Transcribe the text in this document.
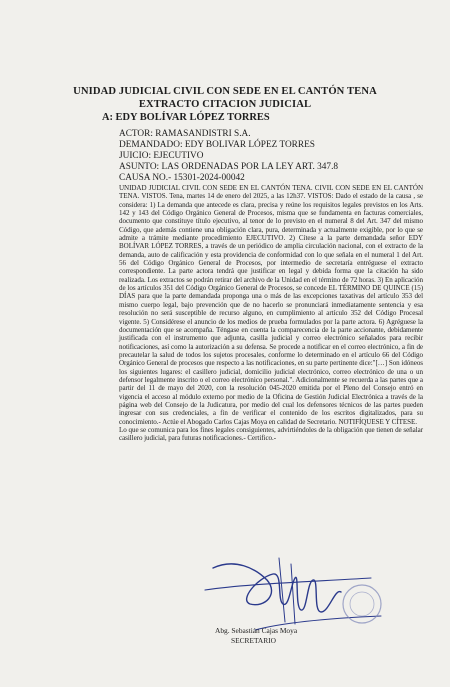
UNIDAD JUDICIAL CIVIL CON SEDE EN EL CANTÓN TENA
EXTRACTO CITACION JUDICIAL
A: EDY BOLÍVAR LÓPEZ TORRES
ACTOR: RAMASANDISTRI S.A.
DEMANDADO: EDY BOLIVAR LÓPEZ TORRES
JUICIO: EJECUTIVO
ASUNTO: LAS ORDENADAS POR LA LEY ART. 347.8
CAUSA NO.- 15301-2024-00042

UNIDAD JUDICIAL CIVIL CON SEDE EN EL CANTÓN TENA. CIVIL CON SEDE EN EL CANTÓN TENA. VISTOS. Tena, martes 14 de enero del 2025, a las 12h37. VISTOS: Dado el estado de la causa , se considera: 1) La demanda que antecede es clara, precisa y reúne los requisitos legales previstos en los Arts. 142 y 143 del Código Orgánico General de Procesos, misma que se fundamenta en facturas comerciales, documento que constituye título ejecutivo, al tenor de lo previsto en el numeral 8 del Art. 347 del mismo Código, que además contiene una obligación clara, pura, determinada y actualmente exigible, por lo que se admite a trámite mediante procedimiento EJECUTIVO. 2) Cítese a la parte demandada señor EDY BOLÍVAR LÓPEZ TORRES, a través de un periódico de amplia circulación nacional, con el extracto de la demanda, auto de calificación y esta providencia de conformidad con lo que señala en el numeral 1 del Art. 56 del Código Orgánico General de Procesos, por intermedio de secretaría entréguese el extracto correspondiente. La parte actora tendrá que justificar en legal y debida forma que la citación ha sido realizada. Los extractos se podrán retirar del archivo de la Unidad en el término de 72 horas. 3) En aplicación de los artículos 351 del Código Orgánico General de Procesos, se concede EL TÉRMINO DE QUINCE (15) DÍAS para que la parte demandada proponga una o más de las excepciones taxativas del artículo 353 del mismo cuerpo legal, bajo prevención que de no hacerlo se pronunciará inmediatamente sentencia y esa resolución no será susceptible de recurso alguno, en cumplimiento al artículo 352 del Código Procesal vigente. 5) Considérese el anuncio de los medios de prueba formulados por la parte actora. 6) Agréguese la documentación que se acompaña. Téngase en cuenta la comparecencia de la parte accionante, debidamente justificada con el instrumento que adjunta, casilla judicial y correo electrónico señalados para recibir notificaciones, así como la autorización a su defensa. Se procede a notificar en el correo electrónico, a fin de precautelar la salud de todos los sujetos procesales, conforme lo determinado en el artículo 66 del Código Orgánico General de procesos que respecto a las notificaciones, en su parte pertinente dice:"[…] Son idóneos los siguientes lugares: el casillero judicial, domicilio judicial electrónico, correo electrónico de una o un defensor legalmente inscrito o el correo electrónico personal.". Adicionalmente se recuerda a las partes que a partir del 11 de mayo del 2020, con la resolución 045-2020 emitida por el Pleno del Consejo entró en vigencia el acceso al módulo externo por medio de la Oficina de Gestión Judicial Electrónica a través de la página web del Consejo de la Judicatura, por medio del cual los defensores técnicos de las partes pueden ingresar con sus credenciales, a fin de verificar el contenido de los escritos digitalizados, para su conocimiento.- Actúe el Abogado Carlos Cajas Moya en calidad de Secretario. NOTIFÍQUESE Y CÍTESE.

Lo que se comunica para los fines legales consiguientes, advirtiéndoles de la obligación que tienen de señalar casillero judicial, para futuras notificaciones.- Certifico.-

Abg. Sebastián Cajas Moya
SECRETARIO
